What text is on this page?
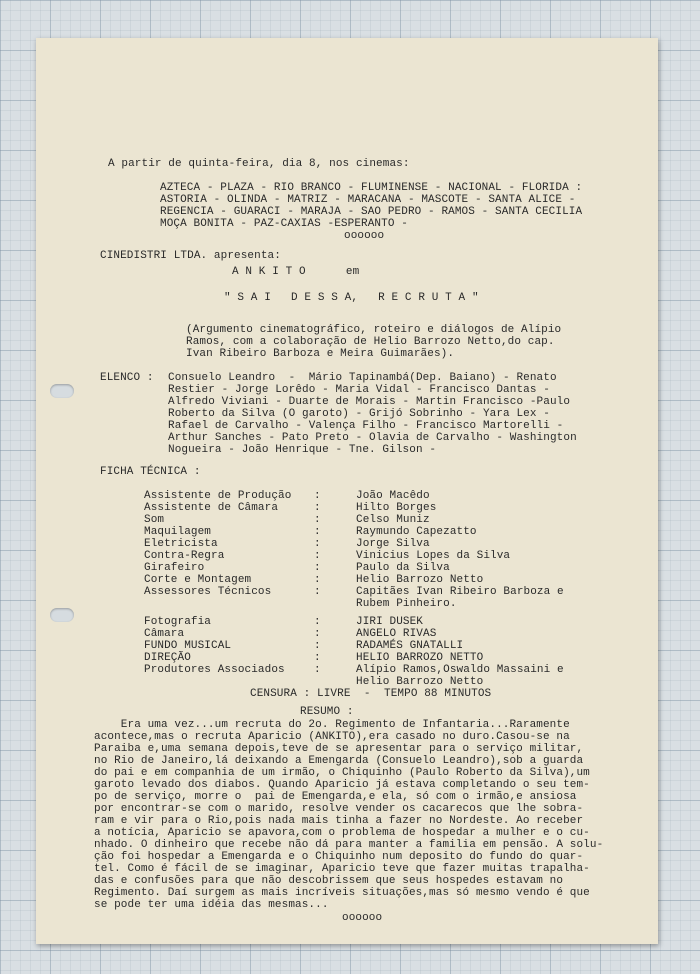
A partir de quinta-feira, dia 8, nos cinemas:
AZTECA - PLAZA - RIO BRANCO - FLUMINENSE - NACIONAL - FLORIDA :
ASTORIA - OLINDA - MATRIZ - MARACANA - MASCOTE - SANTA ALICE -
REGENCIA - GUARACI - MARAJA - SAO PEDRO - RAMOS - SANTA CECILIA
MOÇA BONITA - PAZ-CAXIAS -ESPERANTO -
oooooo
CINEDISTRI LTDA. apresenta:
A N K I T O      em
" S A I   D E S S A,   R E C R U T A "
(Argumento cinematográfico, roteiro e diálogos de Alípio
Ramos, com a colaboração de Helio Barrozo Netto,do cap.
Ivan Ribeiro Barboza e Meira Guimarães).
ELENCO : Consuelo Leandro  -  Mário Tapinambá(Dep. Baiano) - Renato
Restier - Jorge Lorêdo - Maria Vidal - Francisco Dantas -
Alfredo Viviani - Duarte de Morais - Martin Francisco -Paulo
Roberto da Silva (O garoto) - Grijó Sobrinho - Yara Lex -
Rafael de Carvalho - Valença Filho - Francisco Martorelli -
Arthur Sanches - Pato Preto - Olavia de Carvalho - Washington
Nogueira - João Henrique - Tne. Gilson -
FICHA TÉCNICA :
Assistente de Produção :	João Macêdo
Assistente de Câmara	:	Hilto Borges
Som	:	Celso Muniz
Maquilagem	:	Raymundo Capezatto
Eletricista	:	Jorge Silva
Contra-Regra	:	Vinicius Lopes da Silva
Girafeiro	:	Paulo da Silva
Corte e Montagem	:	Helio Barrozo Netto
Assessores Técnicos	:	Capitães Ivan Ribeiro Barboza e
Rubem Pinheiro.
Fotografia	:	JIRI DUSEK
Câmara	:	ANGELO RIVAS
FUNDO MUSICAL	:	RADAMÉS GNATALLI
DIREÇÃO	:	HELIO BARROZO NETTO
Produtores Associados	:	Alípio Ramos,Oswaldo Massaini e
Helio Barrozo Netto
CENSURA : LIVRE  -  TEMPO 88 MINUTOS
RESUMO :
Era uma vez...um recruta do 2o. Regimento de Infantaria...Raramente
acontece,mas o recruta Aparicio (ANKITO),era casado no duro.Casou-se na
Paraiba e,uma semana depois,teve de se apresentar para o serviço militar,
no Rio de Janeiro,lá deixando a Emengarda (Consuelo Leandro),sob a guarda
do pai e em companhia de um irmão, o Chiquinho (Paulo Roberto da Silva),um
garoto levado dos diabos. Quando Aparicio já estava completando o seu tem-
po de serviço, morre o  pai de Emengarda,e ela, só com o irmão,e ansiosa
por encontrar-se com o marido, resolve vender os cacarecos que lhe sobra-
ram e vir para o Rio,pois nada mais tinha a fazer no Nordeste. Ao receber
a notícia, Aparicio se apavora,com o problema de hospedar a mulher e o cu-
nhado. O dinheiro que recebe não dá para manter a familia em pensão. A solu-
ção foi hospedar a Emengarda e o Chiquinho num deposito do fundo do quar-
tel. Como é fácil de se imaginar, Aparicio teve que fazer muitas trapalha-
das e confusões para que não descobrissem que seus hospedes estavam no
Regimento. Daí surgem as mais incríveis situações,mas só mesmo vendo é que
se pode ter uma idéia das mesmas...
oooooo
